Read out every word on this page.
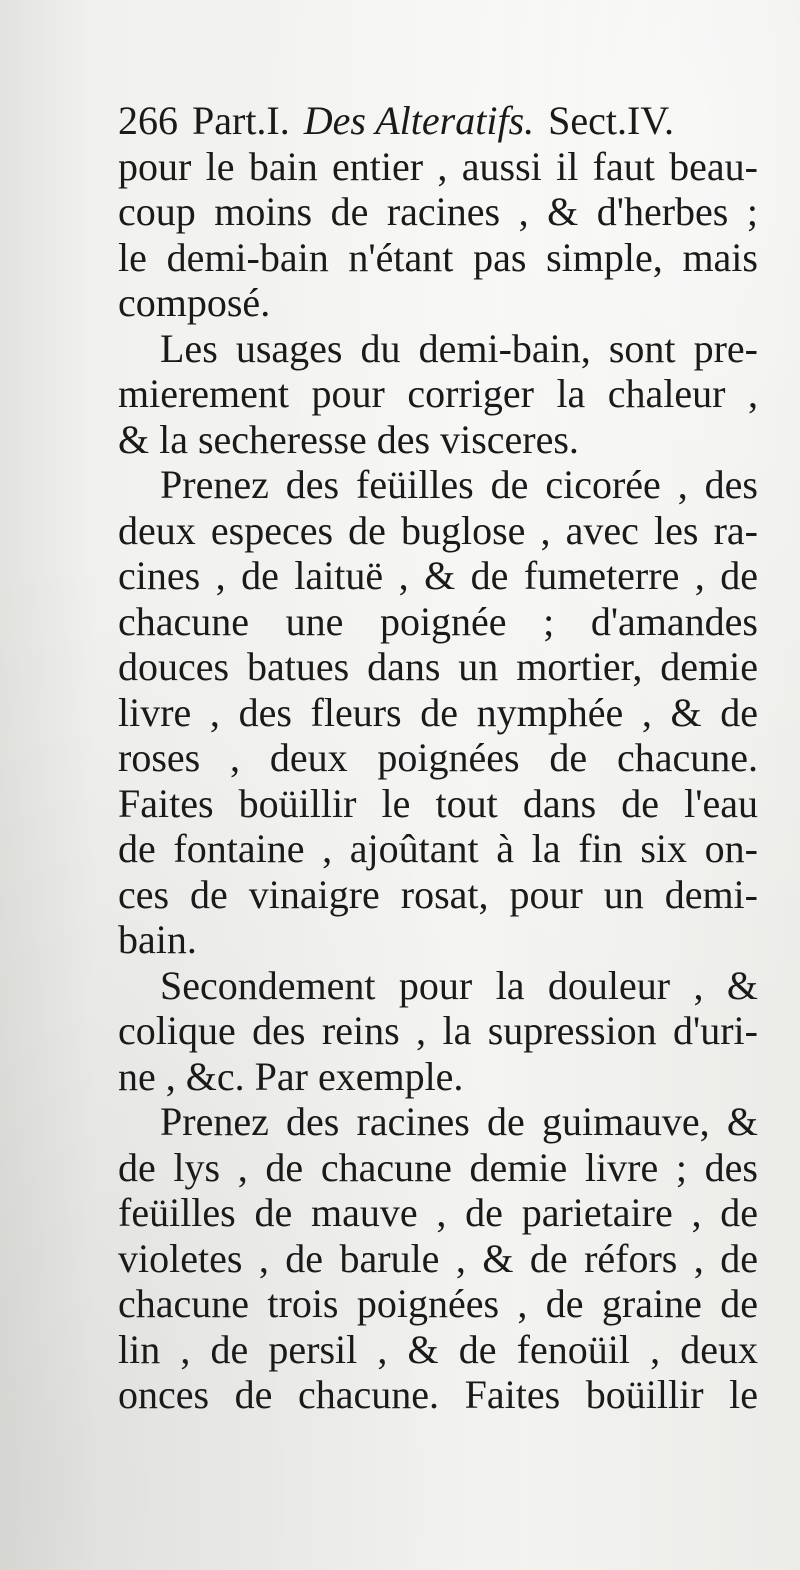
266 Part.I. Des Alteratifs. Sect.IV.
pour le bain entier , aussi il faut beau-
coup moins de racines , & d'herbes ;
le demi-bain n'étant pas simple, mais
composé.
Les usages du demi-bain, sont pre-
mierement pour corriger la chaleur ,
& la secheresse des visceres.
Prenez des feüilles de cicorée , des
deux especes de buglose , avec les ra-
cines , de laituë , & de fumeterre , de
chacune une poignée ; d'amandes
douces batues dans un mortier, demie
livre , des fleurs de nymphée , & de
roses , deux poignées de chacune.
Faites boüillir le tout dans de l'eau
de fontaine , ajoûtant à la fin six on-
ces de vinaigre rosat, pour un demi-
bain.
Secondement pour la douleur , &
colique des reins , la supression d'uri-
ne , &c. Par exemple.
Prenez des racines de guimauve, &
de lys , de chacune demie livre ; des
feüilles de mauve , de parietaire , de
violetes , de barule , & de réfors , de
chacune trois poignées , de graine de
lin , de persil , & de fenoüil , deux
onces de chacune. Faites boüillir le
